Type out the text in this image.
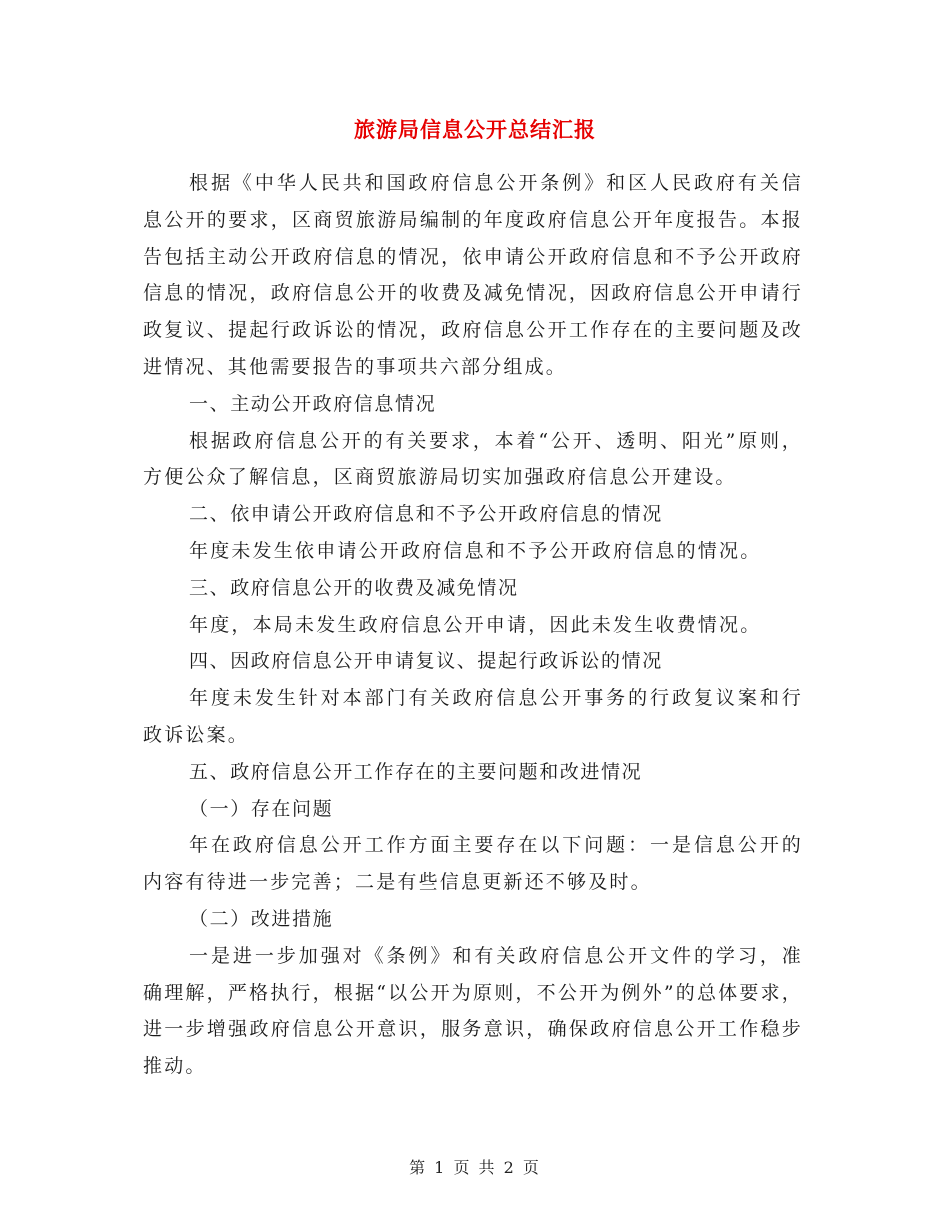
旅游局信息公开总结汇报

根据《中华人民共和国政府信息公开条例》和区人民政府有关信息公开的要求，区商贸旅游局编制的年度政府信息公开年度报告。本报告包括主动公开政府信息的情况，依申请公开政府信息和不予公开政府信息的情况，政府信息公开的收费及减免情况，因政府信息公开申请行政复议、提起行政诉讼的情况，政府信息公开工作存在的主要问题及改进情况、其他需要报告的事项共六部分组成。

一、主动公开政府信息情况

根据政府信息公开的有关要求，本着“公开、透明、阳光”原则，方便公众了解信息，区商贸旅游局切实加强政府信息公开建设。

二、依申请公开政府信息和不予公开政府信息的情况

年度未发生依申请公开政府信息和不予公开政府信息的情况。

三、政府信息公开的收费及减免情况

年度，本局未发生政府信息公开申请，因此未发生收费情况。

四、因政府信息公开申请复议、提起行政诉讼的情况

年度未发生针对本部门有关政府信息公开事务的行政复议案和行政诉讼案。

五、政府信息公开工作存在的主要问题和改进情况

（一）存在问题

年在政府信息公开工作方面主要存在以下问题：一是信息公开的内容有待进一步完善；二是有些信息更新还不够及时。

（二）改进措施

一是进一步加强对《条例》和有关政府信息公开文件的学习，准确理解，严格执行，根据“以公开为原则，不公开为例外”的总体要求，进一步增强政府信息公开意识，服务意识，确保政府信息公开工作稳步推动。

第 1 页 共 2 页
